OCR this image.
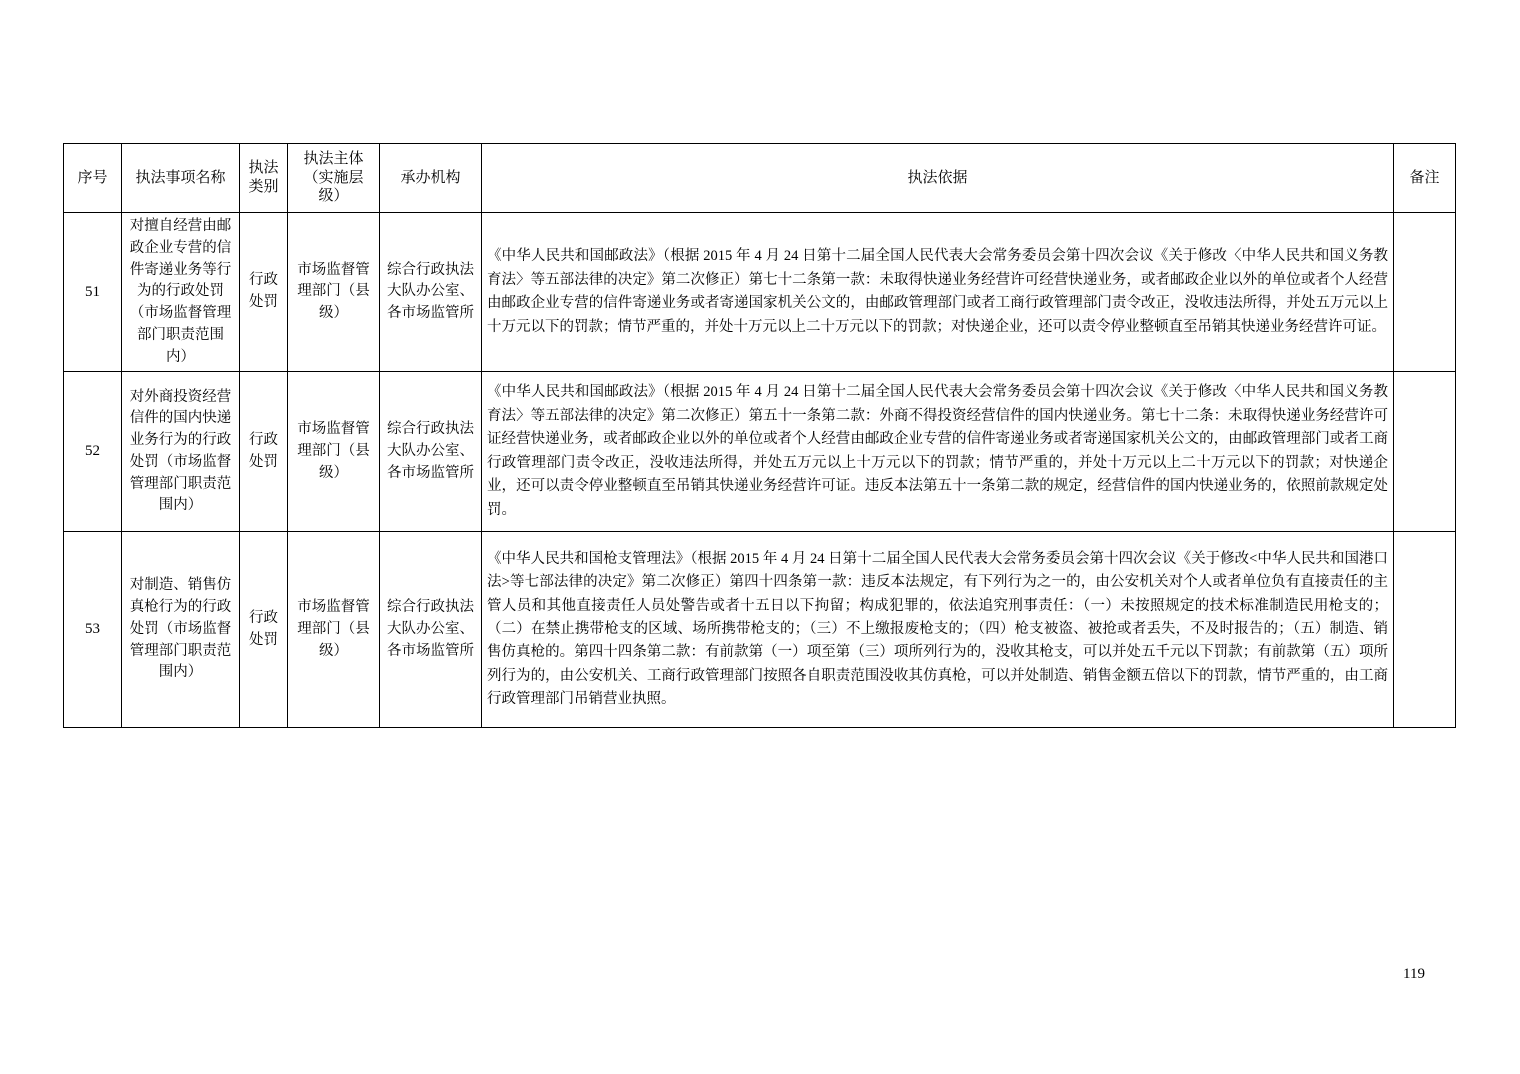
序号	执法事项名称	执法类别	执法主体（实施层级）	承办机构	执法依据	备注
51	对擅自经营由邮政企业专营的信件寄递业务等行为的行政处罚（市场监督管理部门职责范围内）	行政处罚	市场监督管理部门（县级）	综合行政执法大队办公室、各市场监管所	《中华人民共和国邮政法》（根据 2015 年 4 月 24 日第十二届全国人民代表大会常务委员会第十四次会议《关于修改〈中华人民共和国义务教育法〉等五部法律的决定》第二次修正）第七十二条第一款：未取得快递业务经营许可经营快递业务，或者邮政企业以外的单位或者个人经营由邮政企业专营的信件寄递业务或者寄递国家机关公文的，由邮政管理部门或者工商行政管理部门责令改正，没收违法所得，并处五万元以上十万元以下的罚款；情节严重的，并处十万元以上二十万元以下的罚款；对快递企业，还可以责令停业整顿直至吊销其快递业务经营许可证。	
52	对外商投资经营信件的国内快递业务行为的行政处罚（市场监督管理部门职责范围内）	行政处罚	市场监督管理部门（县级）	综合行政执法大队办公室、各市场监管所	《中华人民共和国邮政法》（根据 2015 年 4 月 24 日第十二届全国人民代表大会常务委员会第十四次会议《关于修改〈中华人民共和国义务教育法〉等五部法律的决定》第二次修正）第五十一条第二款：外商不得投资经营信件的国内快递业务。第七十二条：未取得快递业务经营许可证经营快递业务，或者邮政企业以外的单位或者个人经营由邮政企业专营的信件寄递业务或者寄递国家机关公文的，由邮政管理部门或者工商行政管理部门责令改正，没收违法所得，并处五万元以上十万元以下的罚款；情节严重的，并处十万元以上二十万元以下的罚款；对快递企业，还可以责令停业整顿直至吊销其快递业务经营许可证。违反本法第五十一条第二款的规定，经营信件的国内快递业务的，依照前款规定处罚。	
53	对制造、销售仿真枪行为的行政处罚（市场监督管理部门职责范围内）	行政处罚	市场监督管理部门（县级）	综合行政执法大队办公室、各市场监管所	《中华人民共和国枪支管理法》（根据 2015 年 4 月 24 日第十二届全国人民代表大会常务委员会第十四次会议《关于修改<中华人民共和国港口法>等七部法律的决定》第二次修正）第四十四条第一款：违反本法规定，有下列行为之一的，由公安机关对个人或者单位负有直接责任的主管人员和其他直接责任人员处警告或者十五日以下拘留；构成犯罪的，依法追究刑事责任：（一）未按照规定的技术标准制造民用枪支的；（二）在禁止携带枪支的区域、场所携带枪支的；（三）不上缴报废枪支的；（四）枪支被盗、被抢或者丢失，不及时报告的；（五）制造、销售仿真枪的。第四十四条第二款：有前款第（一）项至第（三）项所列行为的，没收其枪支，可以并处五千元以下罚款；有前款第（五）项所列行为的，由公安机关、工商行政管理部门按照各自职责范围没收其仿真枪，可以并处制造、销售金额五倍以下的罚款，情节严重的，由工商行政管理部门吊销营业执照。	
119
